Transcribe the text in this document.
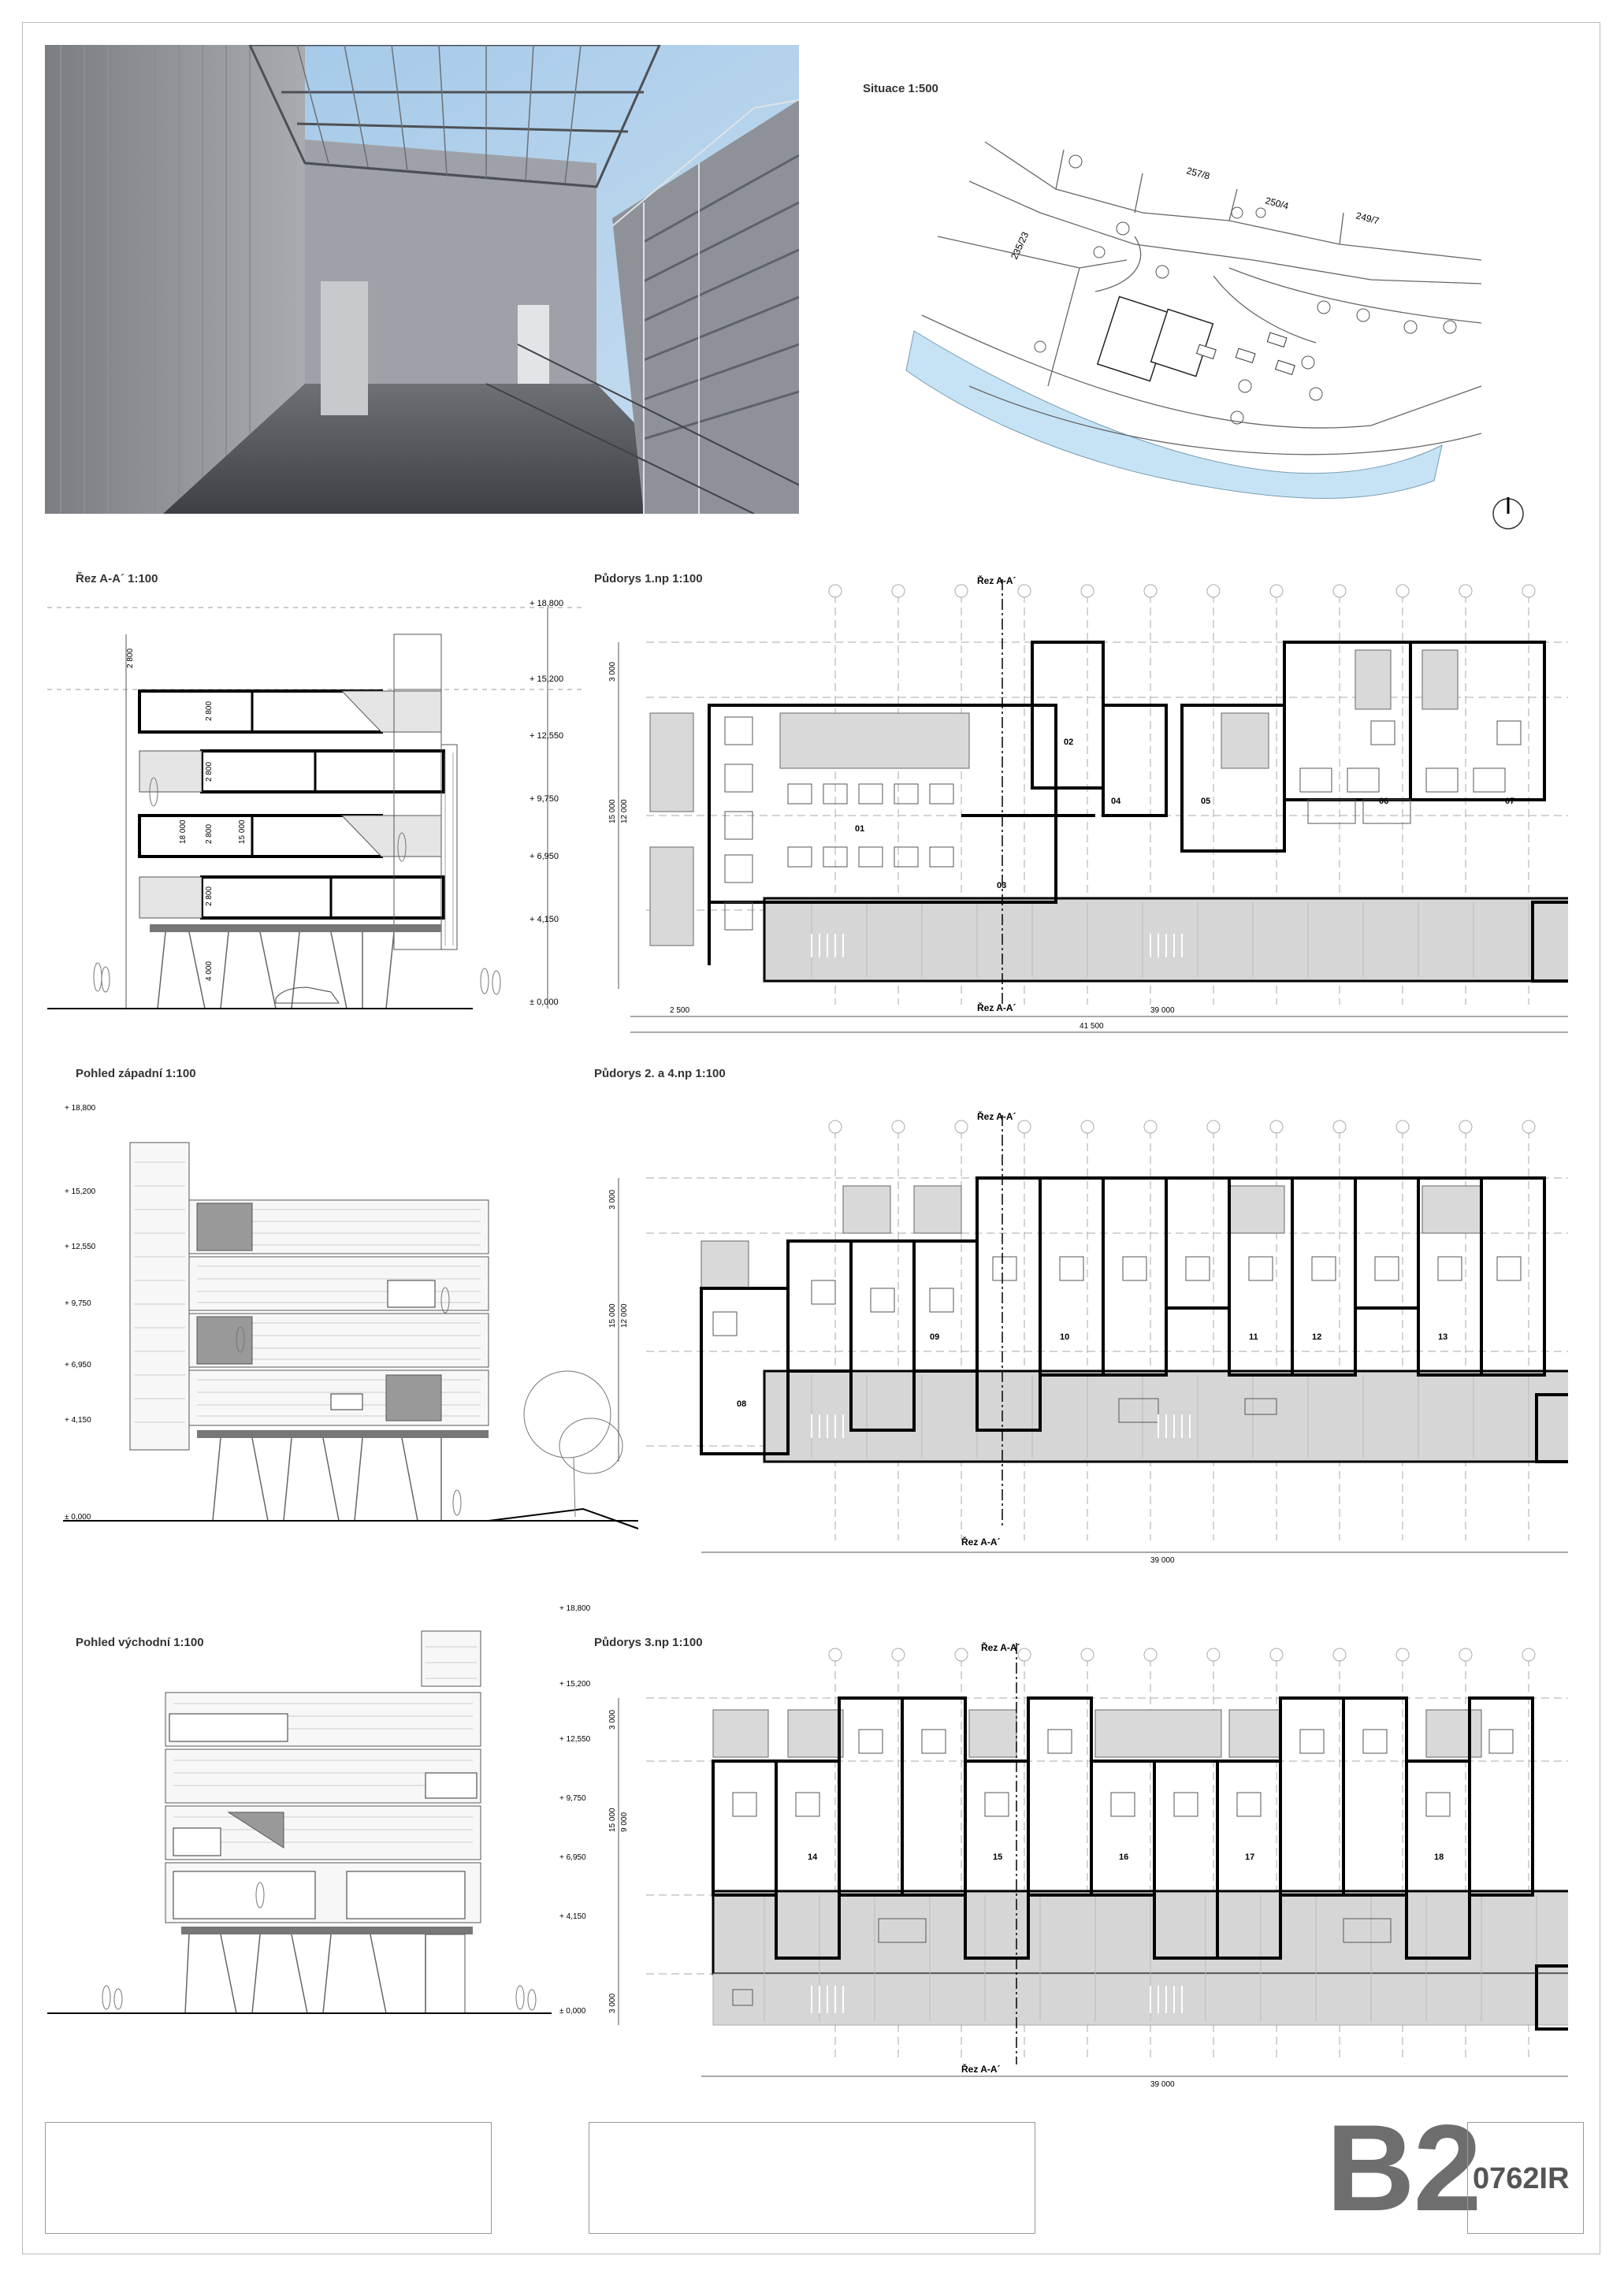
Situace 1:500
257/8
250/4
249/7
235/23
Řez A-A´ 1:100
2 800
2 800
2 800
2 800
2 800
4 000
18 000	15 000
+ 18,800
+ 15,200
+ 12,550
+ 9,750
+ 6,950
+ 4,150
± 0,000
Půdorys 1.np 1:100	Řez A-A´
Řez A-A´
01
02
03
04	05	06	07
2 500	39 000
41 500
3 000
12 000
15 000
Pohled západní 1:100
+ 18,800
+ 15,200
+ 12,550
+ 9,750
+ 6,950
+ 4,150
± 0,000
Půdorys 2. a 4.np 1:100
Řez A-A´
Řez A-A´
08
09	10	11	12	13
3 000
12 000
15 000
39 000
Pohled východní 1:100
+ 18,800
+ 15,200
+ 12,550
+ 9,750
+ 6,950
+ 4,150
± 0,000
Půdorys 3.np 1:100	Řez A-A´
Řez A-A´
14	15	16	17	18
3 000
9 000
15 000
3 000
39 000
B2
0762IR
